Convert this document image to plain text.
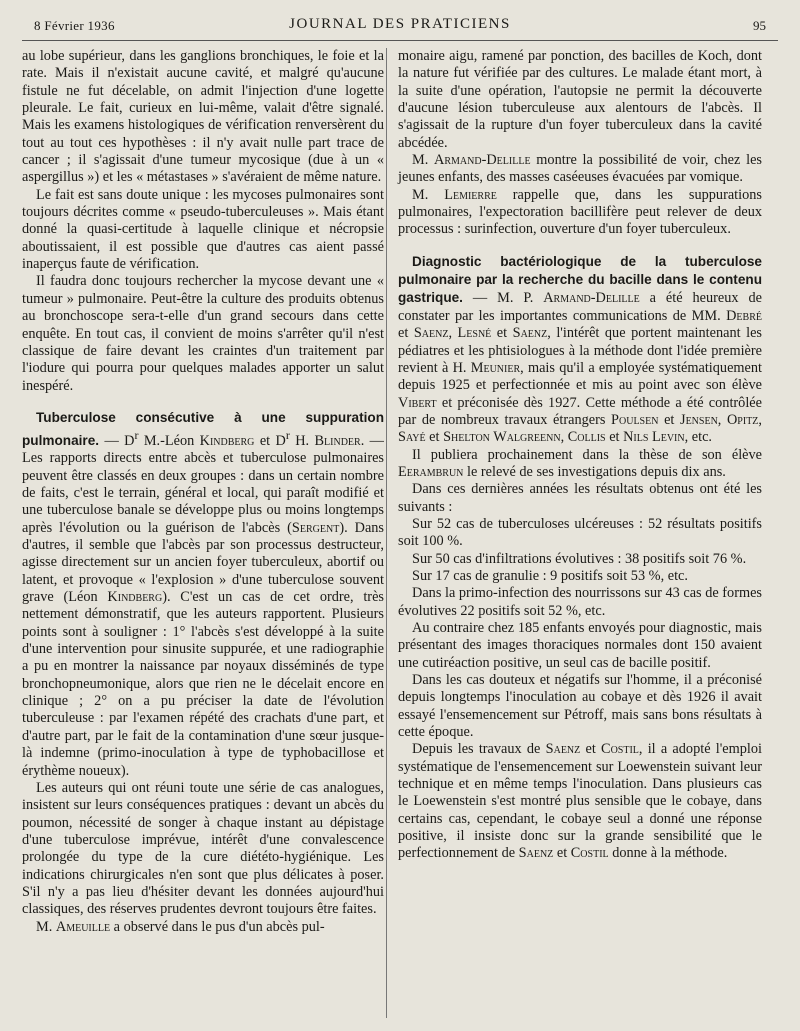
8 Février 1936	JOURNAL DES PRATICIENS	95

au lobe supérieur, dans les ganglions bronchiques, le foie et la rate. Mais il n'existait aucune cavité, et malgré qu'aucune fistule ne fut décelable, on admit l'injection d'une logette pleurale. Le fait, curieux en lui-même, valait d'être signalé. Mais les examens histologiques de vérification renversèrent du tout au tout ces hypothèses : il n'y avait nulle part trace de cancer ; il s'agissait d'une tumeur mycosique (due à un « aspergillus ») et les « métastases » s'avéraient de même nature.

Le fait est sans doute unique : les mycoses pulmonaires sont toujours décrites comme « pseudo-tuberculeuses ». Mais étant donné la quasi-certitude à laquelle clinique et nécropsie aboutissaient, il est possible que d'autres cas aient passé inaperçus faute de vérification.

Il faudra donc toujours rechercher la mycose devant une « tumeur » pulmonaire. Peut-être la culture des produits obtenus au bronchoscope sera-t-elle d'un grand secours dans cette enquête. En tout cas, il convient de moins s'arrêter qu'il n'est classique de faire devant les craintes d'un traitement par l'iodure qui pourra pour quelques malades apporter un salut inespéré.

Tuberculose consécutive à une suppuration pulmonaire. — $D^r$ M.-Léon Kindberg et $D^r$ H. Blinder. — Les rapports directs entre abcès et tuberculose pulmonaires peuvent être classés en deux groupes : dans un certain nombre de faits, c'est le terrain, général et local, qui paraît modifié et une tuberculose banale se développe plus ou moins longtemps après l'évolution ou la guérison de l'abcès (Sergent). Dans d'autres, il semble que l'abcès par son processus destructeur, agisse directement sur un ancien foyer tuberculeux, abortif ou latent, et provoque « l'explosion » d'une tuberculose souvent grave (Léon Kindberg). C'est un cas de cet ordre, très nettement démonstratif, que les auteurs rapportent. Plusieurs points sont à souligner : 1° l'abcès s'est développé à la suite d'une intervention pour sinusite suppurée, et une radiographie a pu en montrer la naissance par noyaux disséminés de type bronchopneumonique, alors que rien ne le décelait encore en clinique ; 2° on a pu préciser la date de l'évolution tuberculeuse : par l'examen répété des crachats d'une part, et d'autre part, par le fait de la contamination d'une sœur jusque-là indemne (primo-inoculation à type de typhobacillose et érythème noueux).

Les auteurs qui ont réuni toute une série de cas analogues, insistent sur leurs conséquences pratiques : devant un abcès du poumon, nécessité de songer à chaque instant au dépistage d'une tuberculose imprévue, intérêt d'une convalescence prolongée du type de la cure diététo-hygiénique. Les indications chirurgicales n'en sont que plus délicates à poser. S'il n'y a pas lieu d'hésiter devant les données aujourd'hui classiques, des réserves prudentes devront toujours être faites.

M. Ameuille a observé dans le pus d'un abcès pul-

monaire aigu, ramené par ponction, des bacilles de Koch, dont la nature fut vérifiée par des cultures. Le malade étant mort, à la suite d'une opération, l'autopsie ne permit la découverte d'aucune lésion tuberculeuse aux alentours de l'abcès. Il s'agissait de la rupture d'un foyer tuberculeux dans la cavité abcédée.

M. Armand-Delille montre la possibilité de voir, chez les jeunes enfants, des masses caséeuses évacuées par vomique.

M. Lemierre rappelle que, dans les suppurations pulmonaires, l'expectoration bacillifère peut relever de deux processus : surinfection, ouverture d'un foyer tuberculeux.

Diagnostic bactériologique de la tuberculose pulmonaire par la recherche du bacille dans le contenu gastrique. — M. P. Armand-Delille a été heureux de constater par les importantes communications de MM. Debré et Saenz, Lesné et Saenz, l'intérêt que portent maintenant les pédiatres et les phtisiologues à la méthode dont l'idée première revient à H. Meunier, mais qu'il a employée systématiquement depuis 1925 et perfectionnée et mis au point avec son élève Vibert et préconisée dès 1927. Cette méthode a été contrôlée par de nombreux travaux étrangers Poulsen et Jensen, Opitz, Sayé et Shelton Walgreenn, Collis et Nils Levin, etc.

Il publiera prochainement dans la thèse de son élève Eerambrun le relevé de ses investigations depuis dix ans.

Dans ces dernières années les résultats obtenus ont été les suivants :

Sur 52 cas de tuberculoses ulcéreuses : 52 résultats positifs soit 100 %.

Sur 50 cas d'infiltrations évolutives : 38 positifs soit 76 %.

Sur 17 cas de granulie : 9 positifs soit 53 %, etc.

Dans la primo-infection des nourrissons sur 43 cas de formes évolutives 22 positifs soit 52 %, etc.

Au contraire chez 185 enfants envoyés pour diagnostic, mais présentant des images thoraciques normales dont 150 avaient une cutiréaction positive, un seul cas de bacille positif.

Dans les cas douteux et négatifs sur l'homme, il a préconisé depuis longtemps l'inoculation au cobaye et dès 1926 il avait essayé l'ensemencement sur Pétroff, mais sans bons résultats à cette époque.

Depuis les travaux de Saenz et Costil, il a adopté l'emploi systématique de l'ensemencement sur Loewenstein suivant leur technique et en même temps l'inoculation. Dans plusieurs cas le Loewenstein s'est montré plus sensible que le cobaye, dans certains cas, cependant, le cobaye seul a donné une réponse positive, il insiste donc sur la grande sensibilité que le perfectionnement de Saenz et Costil donne à la méthode.
